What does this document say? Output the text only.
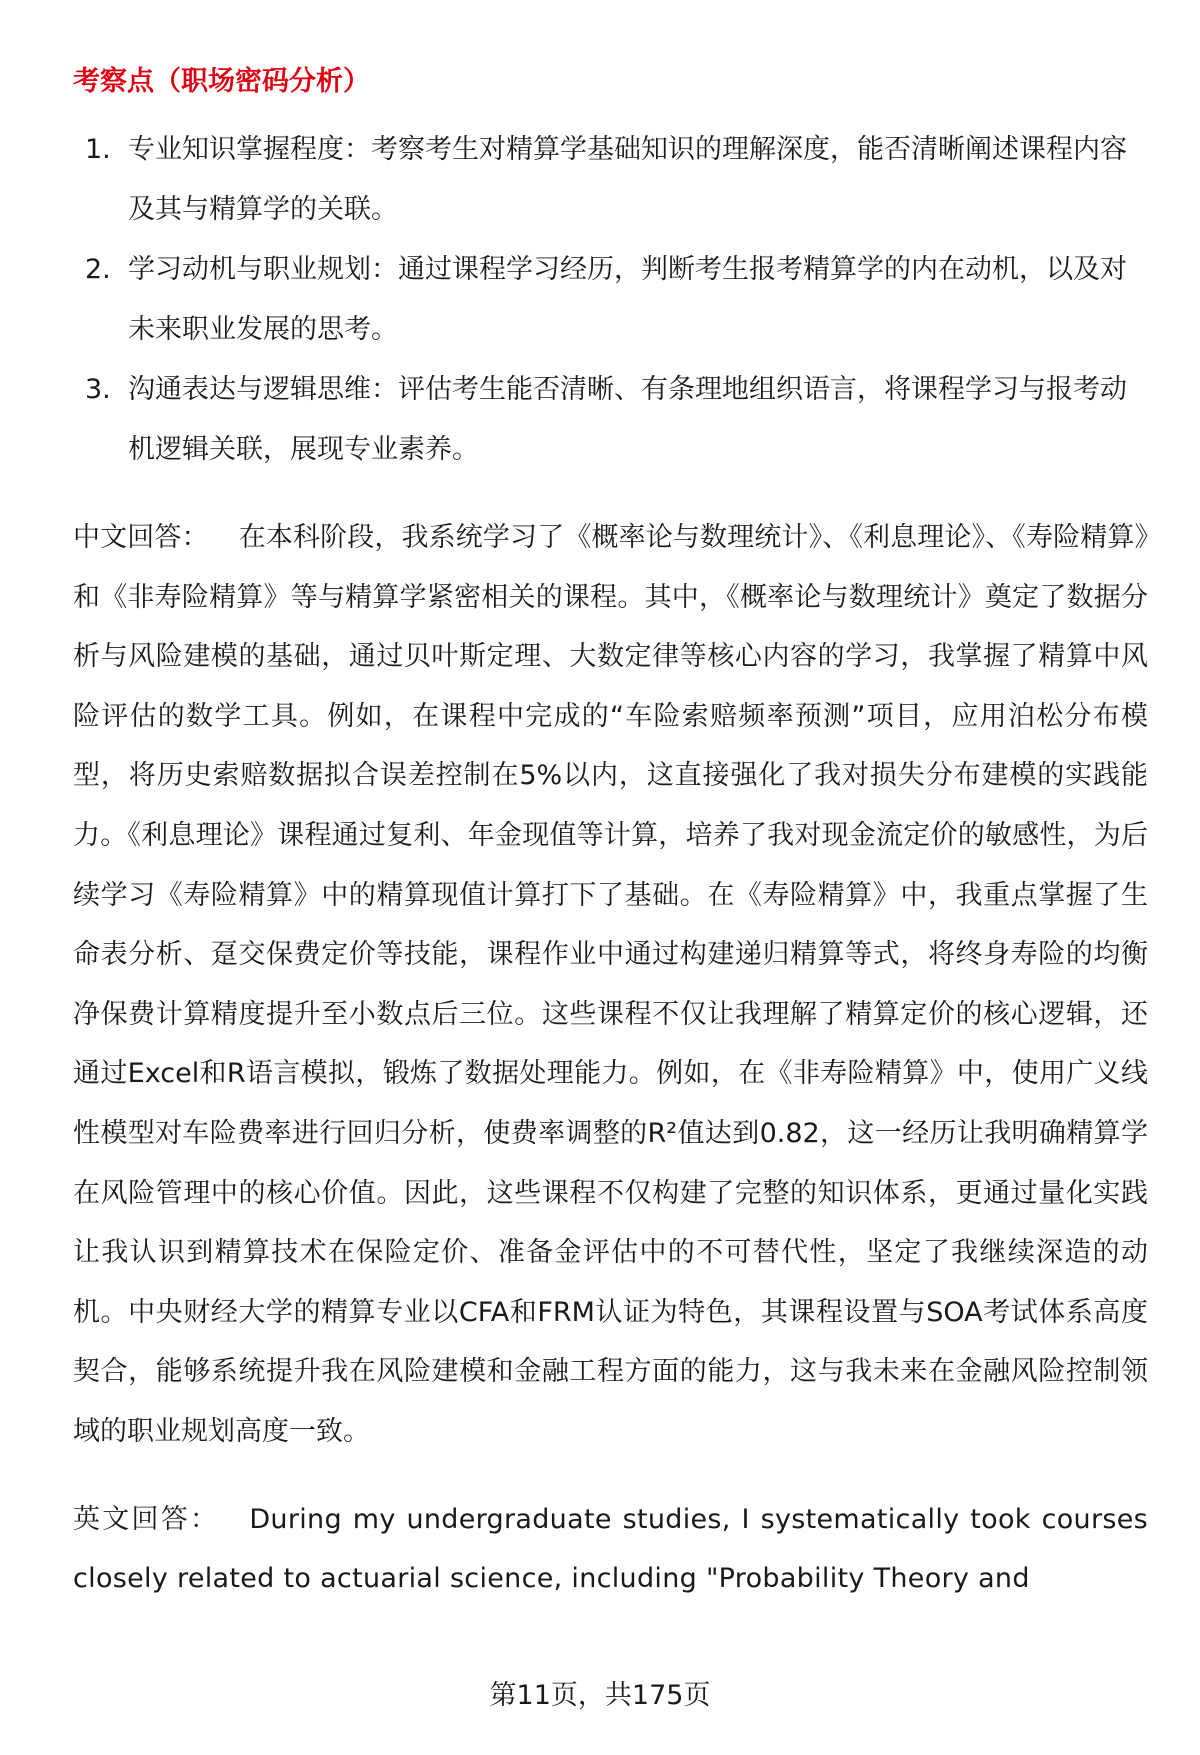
考察点（职场密码分析）
1. 专业知识掌握程度：考察考生对精算学基础知识的理解深度，能否清晰阐述课程内容及其与精算学的关联。
2. 学习动机与职业规划：通过课程学习经历，判断考生报考精算学的内在动机，以及对未来职业发展的思考。
3. 沟通表达与逻辑思维：评估考生能否清晰、有条理地组织语言，将课程学习与报考动机逻辑关联，展现专业素养。

中文回答： 在本科阶段，我系统学习了《概率论与数理统计》、《利息理论》、《寿险精算》和《非寿险精算》等与精算学紧密相关的课程。其中，《概率论与数理统计》奠定了数据分析与风险建模的基础，通过贝叶斯定理、大数定律等核心内容的学习，我掌握了精算中风险评估的数学工具。例如，在课程中完成的“车险索赔频率预测”项目，应用泊松分布模型，将历史索赔数据拟合误差控制在5%以内，这直接强化了我对损失分布建模的实践能力。《利息理论》课程通过复利、年金现值等计算，培养了我对现金流定价的敏感性，为后续学习《寿险精算》中的精算现值计算打下了基础。在《寿险精算》中，我重点掌握了生命表分析、趸交保费定价等技能，课程作业中通过构建递归精算等式，将终身寿险的均衡净保费计算精度提升至小数点后三位。这些课程不仅让我理解了精算定价的核心逻辑，还通过Excel和R语言模拟，锻炼了数据处理能力。例如，在《非寿险精算》中，使用广义线性模型对车险费率进行回归分析，使费率调整的R²值达到0.82，这一经历让我明确精算学在风险管理中的核心价值。因此，这些课程不仅构建了完整的知识体系，更通过量化实践让我认识到精算技术在保险定价、准备金评估中的不可替代性，坚定了我继续深造的动机。中央财经大学的精算专业以CFA和FRM认证为特色，其课程设置与SOA考试体系高度契合，能够系统提升我在风险建模和金融工程方面的能力，这与我未来在金融风险控制领域的职业规划高度一致。

英文回答： During my undergraduate studies, I systematically took courses closely related to actuarial science, including "Probability Theory and

第11页，共175页
